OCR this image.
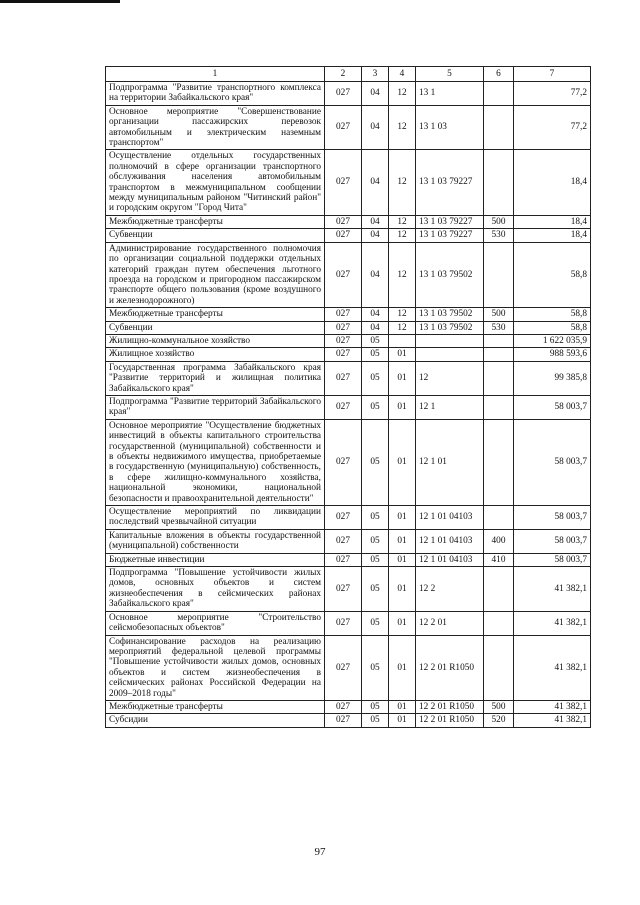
1	2	3	4	5	6	7
Подпрограмма "Развитие транспортного комплекса на территории Забайкальского края"	027	04	12	13 1		77,2
Основное мероприятие "Совершенствование организации пассажирских перевозок автомобильным и электрическим наземным транспортом"	027	04	12	13 1 03		77,2
Осуществление отдельных государственных полномочий в сфере организации транспортного обслуживания населения автомобильным транспортом в межмуниципальном сообщении между муниципальным районом "Читинский район" и городским округом "Город Чита"	027	04	12	13 1 03 79227		18,4
Межбюджетные трансферты	027	04	12	13 1 03 79227	500	18,4
Субвенции	027	04	12	13 1 03 79227	530	18,4
Администрирование государственного полномочия по организации социальной поддержки отдельных категорий граждан путем обеспечения льготного проезда на городском и пригородном пассажирском транспорте общего пользования (кроме воздушного и железнодорожного)	027	04	12	13 1 03 79502		58,8
Межбюджетные трансферты	027	04	12	13 1 03 79502	500	58,8
Субвенции	027	04	12	13 1 03 79502	530	58,8
Жилищно-коммунальное хозяйство	027	05				1 622 035,9
Жилищное хозяйство	027	05	01			988 593,6
Государственная программа Забайкальского края "Развитие территорий и жилищная политика Забайкальского края"	027	05	01	12		99 385,8
Подпрограмма "Развитие территорий Забайкальского края"	027	05	01	12 1		58 003,7
Основное мероприятие "Осуществление бюджетных инвестиций в объекты капитального строительства государственной (муниципальной) собственности и в объекты недвижимого имущества, приобретаемые в государственную (муниципальную) собственность, в сфере жилищно-коммунального хозяйства, национальной экономики, национальной безопасности и правоохранительной деятельности"	027	05	01	12 1 01		58 003,7
Осуществление мероприятий по ликвидации последствий чрезвычайной ситуации	027	05	01	12 1 01 04103		58 003,7
Капитальные вложения в объекты государственной (муниципальной) собственности	027	05	01	12 1 01 04103	400	58 003,7
Бюджетные инвестиции	027	05	01	12 1 01 04103	410	58 003,7
Подпрограмма "Повышение устойчивости жилых домов, основных объектов и систем жизнеобеспечения в сейсмических районах Забайкальского края"	027	05	01	12 2		41 382,1
Основное мероприятие "Строительство сейсмобезопасных объектов"	027	05	01	12 2 01		41 382,1
Софинансирование расходов на реализацию мероприятий федеральной целевой программы "Повышение устойчивости жилых домов, основных объектов и систем жизнеобеспечения в сейсмических районах Российской Федерации на 2009–2018 годы"	027	05	01	12 2 01 R1050		41 382,1
Межбюджетные трансферты	027	05	01	12 2 01 R1050	500	41 382,1
Субсидии	027	05	01	12 2 01 R1050	520	41 382,1
97
